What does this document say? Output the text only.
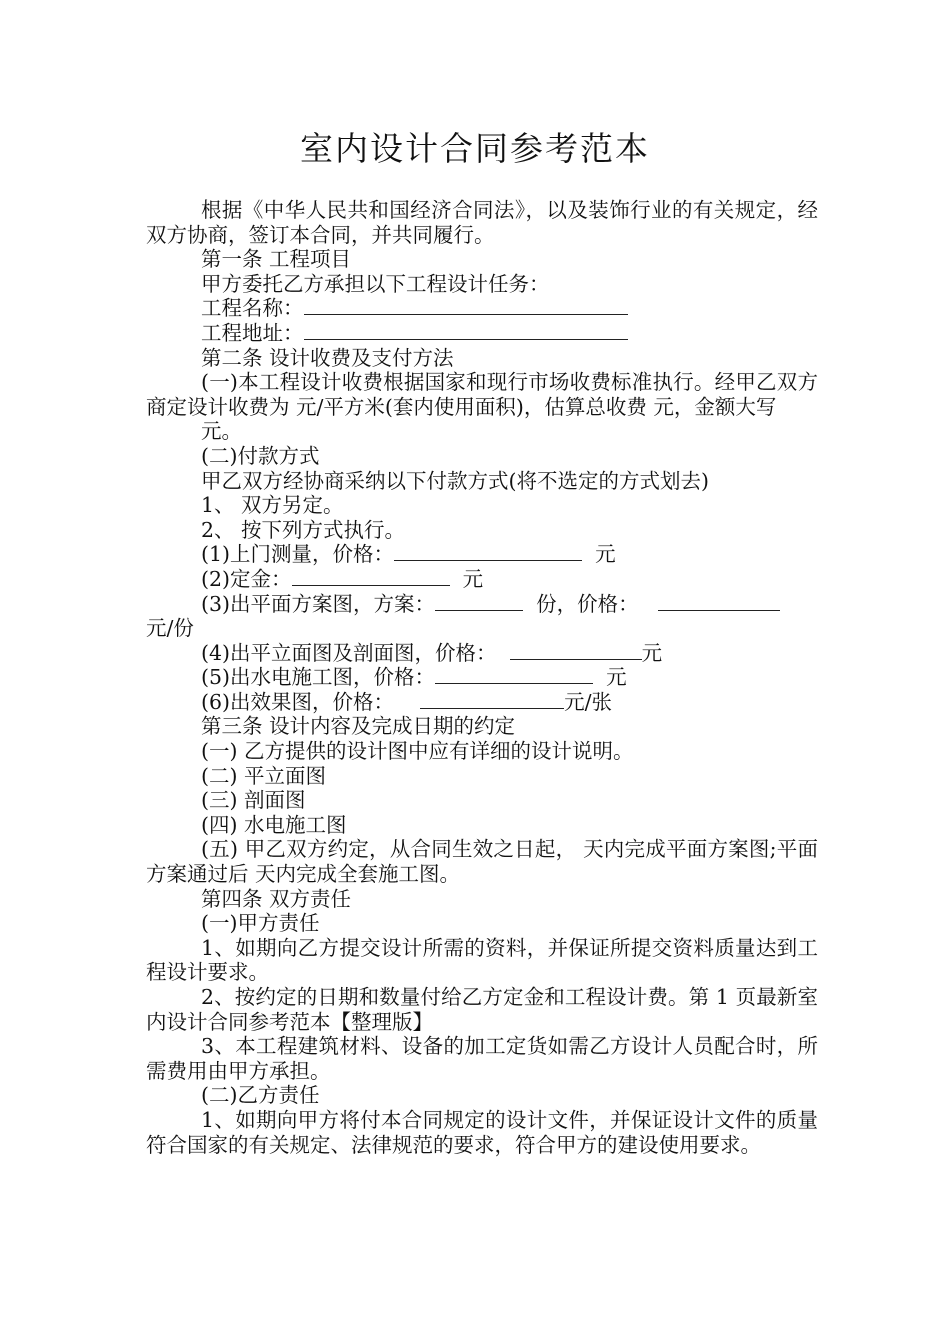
室内设计合同参考范本

根据《中华人民共和国经济合同法》，以及装饰行业的有关规定，经双方协商，签订本合同，并共同履行。

第一条 工程项目

甲方委托乙方承担以下工程设计任务：

工程名称：

工程地址：

第二条 设计收费及支付方法

(一)本工程设计收费根据国家和现行市场收费标准执行。经甲乙双方商定设计收费为 元/平方米(套内使用面积)，估算总收费 元，金额大写

元。

(二)付款方式

甲乙双方经协商采纳以下付款方式(将不选定的方式划去)

1、 双方另定。

2、 按下列方式执行。

(1)上门测量，价格：	元

(2)定金：	元

(3)出平面方案图，方案：	份，价格：

元/份

(4)出平立面图及剖面图，价格：	元

(5)出水电施工图，价格：	元

(6)出效果图，价格：	元/张

第三条 设计内容及完成日期的约定

(一) 乙方提供的设计图中应有详细的设计说明。

(二) 平立面图

(三) 剖面图

(四) 水电施工图

(五) 甲乙双方约定，从合同生效之日起， 天内完成平面方案图;平面方案通过后 天内完成全套施工图。

第四条 双方责任

(一)甲方责任

1、如期向乙方提交设计所需的资料，并保证所提交资料质量达到工程设计要求。

2、按约定的日期和数量付给乙方定金和工程设计费。第 1 页最新室内设计合同参考范本【整理版】

3、本工程建筑材料、设备的加工定货如需乙方设计人员配合时，所需费用由甲方承担。

(二)乙方责任

1、如期向甲方将付本合同规定的设计文件，并保证设计文件的质量符合国家的有关规定、法律规范的要求，符合甲方的建设使用要求。
